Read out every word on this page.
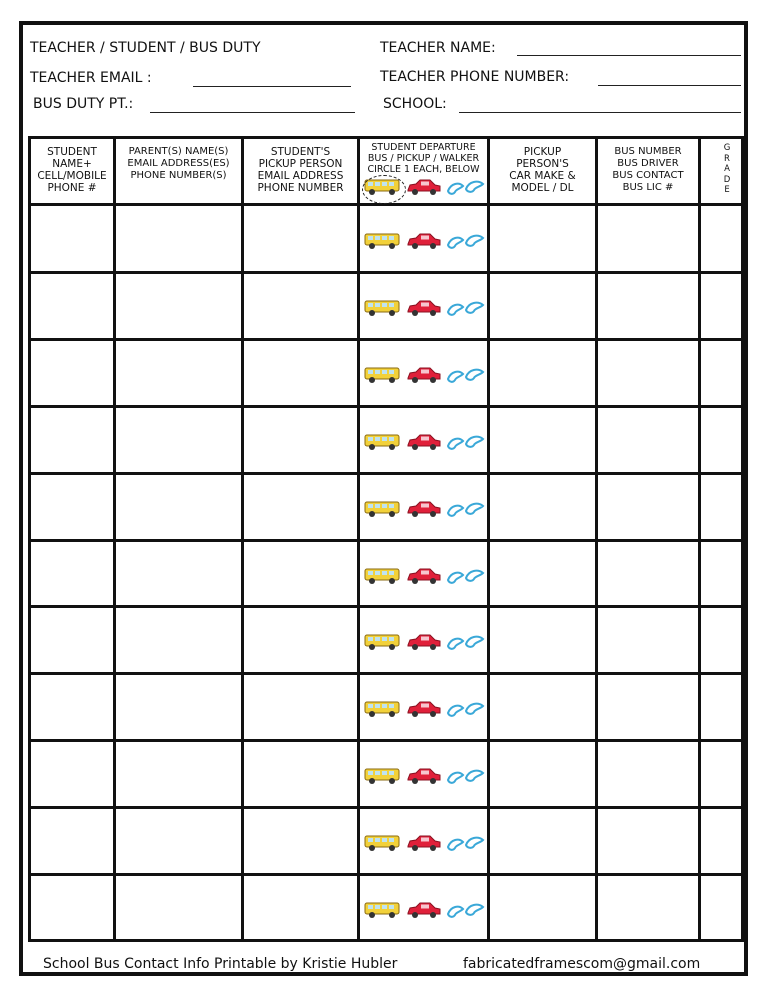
TEACHER / STUDENT / BUS DUTY
TEACHER EMAIL :
BUS DUTY PT.:
TEACHER NAME:
TEACHER PHONE NUMBER:
SCHOOL:
STUDENT
NAME+
CELL/MOBILE
PHONE #
PARENT(S) NAME(S)
EMAIL ADDRESS(ES)
PHONE NUMBER(S)
STUDENT'S
PICKUP PERSON
EMAIL ADDRESS
PHONE NUMBER
STUDENT DEPARTURE
BUS / PICKUP / WALKER
CIRCLE 1 EACH, BELOW
PICKUP
PERSON'S
CAR MAKE &
MODEL / DL
BUS NUMBER
BUS DRIVER
BUS CONTACT
BUS LIC #
G
R
A
D
E
School Bus Contact Info Printable by Kristie Hubler	fabricatedframescom@gmail.com
